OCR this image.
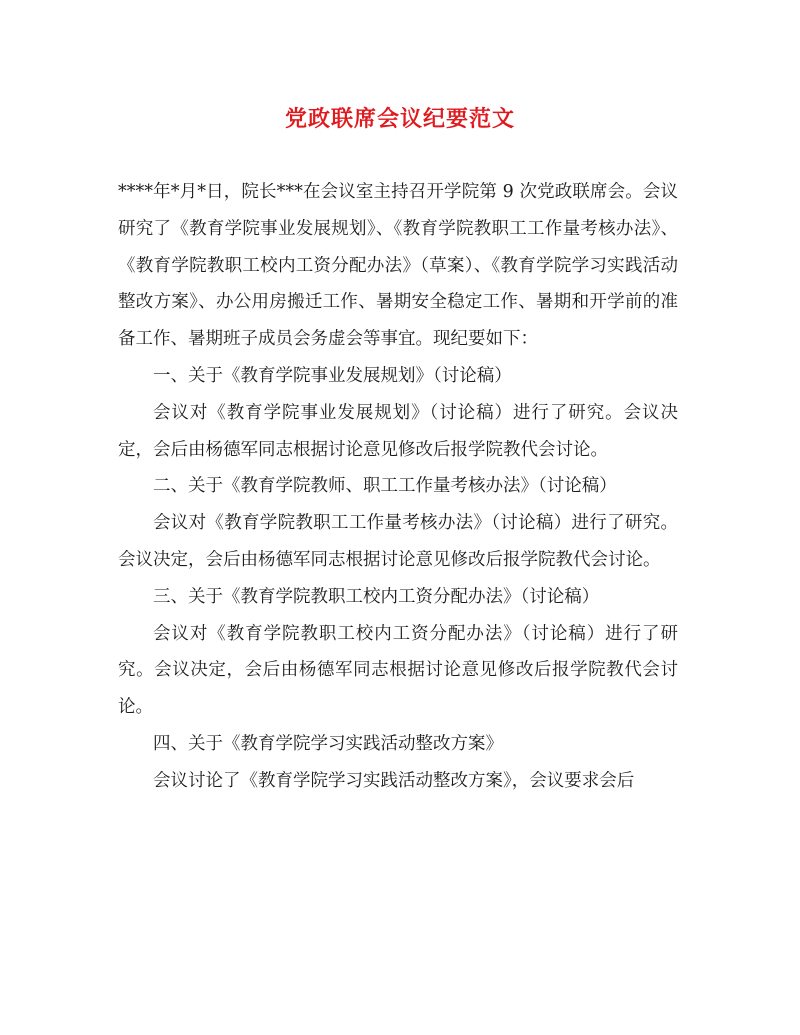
党政联席会议纪要范文

****年*月*日，院长***在会议室主持召开学院第 9 次党政联席会。会议研究了《教育学院事业发展规划》、《教育学院教职工工作量考核办法》、《教育学院教职工校内工资分配办法》（草案）、《教育学院学习实践活动整改方案》、办公用房搬迁工作、暑期安全稳定工作、暑期和开学前的准备工作、暑期班子成员会务虚会等事宜。现纪要如下：

一、关于《教育学院事业发展规划》（讨论稿）

会议对《教育学院事业发展规划》（讨论稿）进行了研究。会议决定，会后由杨德军同志根据讨论意见修改后报学院教代会讨论。

二、关于《教育学院教师、职工工作量考核办法》（讨论稿）

会议对《教育学院教职工工作量考核办法》（讨论稿）进行了研究。会议决定，会后由杨德军同志根据讨论意见修改后报学院教代会讨论。

三、关于《教育学院教职工校内工资分配办法》（讨论稿）

会议对《教育学院教职工校内工资分配办法》（讨论稿）进行了研究。会议决定，会后由杨德军同志根据讨论意见修改后报学院教代会讨论。

四、关于《教育学院学习实践活动整改方案》

会议讨论了《教育学院学习实践活动整改方案》，会议要求会后
